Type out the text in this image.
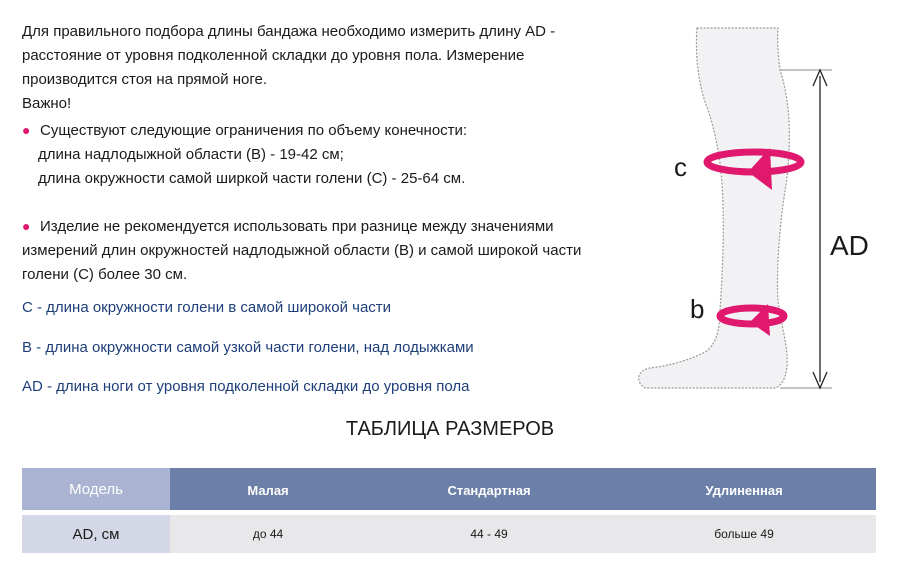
Для правильного подбора длины бандажа необходимо измерить длину AD -
расстояние от уровня подколенной складки до уровня пола. Измерение
производится стоя на прямой ноге.
Важно!
● Существуют следующие ограничения по объему конечности:
длина надлодыжной области (В) - 19-42 см;
длина окружности самой ширкой части голени (С) - 25-64 см.
● Изделие не рекомендуется использовать при разнице между значениями
измерений длин окружностей надлодыжной области (В) и самой широкой части
голени (С) более 30 см.
С - длина окружности голени в самой широкой части
В - длина окружности самой узкой части голени, над лодыжками
AD - длина ноги от уровня подколенной складки до уровня пола
AD
c
b
ТАБЛИЦА РАЗМЕРОВ
Модель	Малая	Стандартная	Удлиненная
AD, см	до 44	44 - 49	больше 49
